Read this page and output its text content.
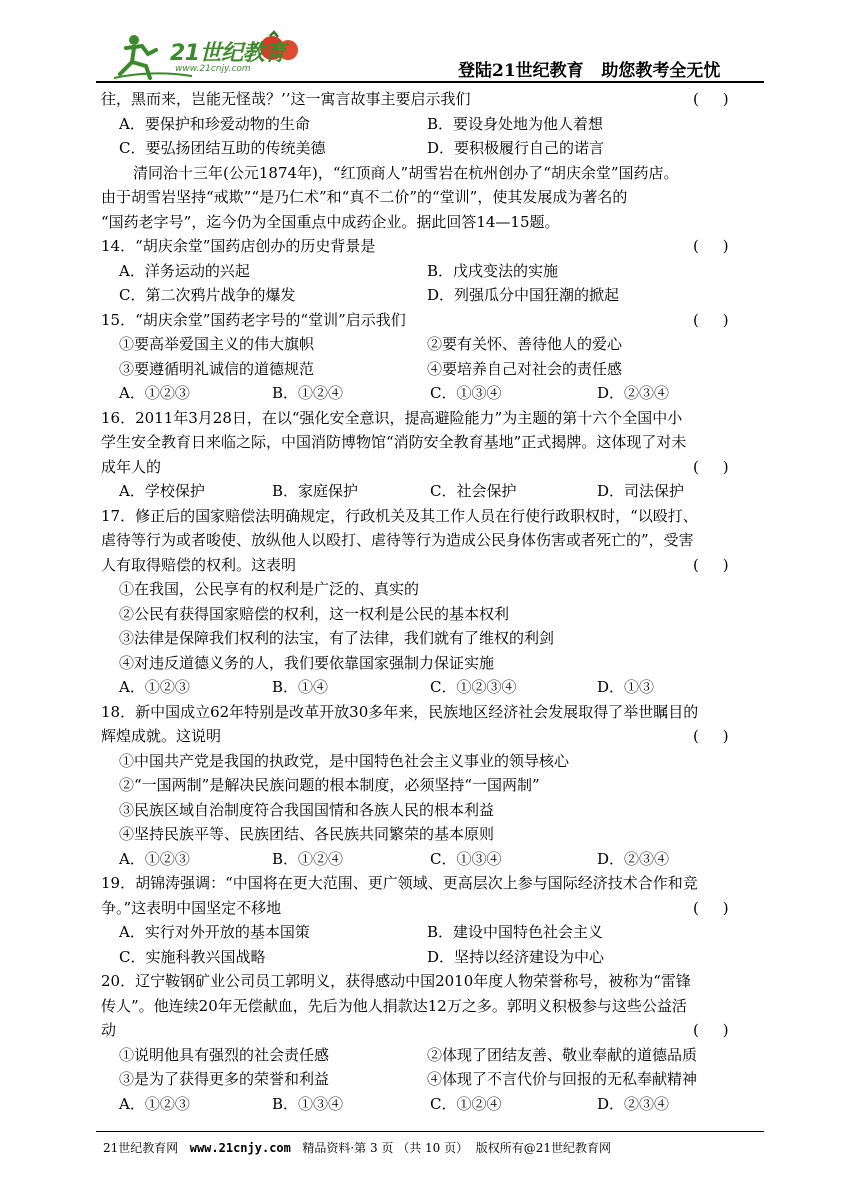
21世纪教育
www.21cnjy.com	登陆21世纪教育   助您教考全无忧
往，黑而来，岂能无怪哉？’’这一寓言故事主要启示我们	(     )
A．要保护和珍爱动物的生命	B．要设身处地为他人着想
C．要弘扬团结互助的传统美德	D．要积极履行自己的诺言
清同治十三年(公元1874年)，“红顶商人”胡雪岩在杭州创办了“胡庆余堂”国药店。
由于胡雪岩坚持“戒欺”“是乃仁术”和“真不二价”的“堂训”，使其发展成为著名的
“国药老字号”，迄今仍为全国重点中成药企业。据此回答14—15题。
14．“胡庆余堂”国药店创办的历史背景是	(     )
A．洋务运动的兴起	B．戊戌变法的实施
C．第二次鸦片战争的爆发	D．列强瓜分中国狂潮的掀起
15．“胡庆余堂”国药老字号的“堂训”启示我们	(     )
①要高举爱国主义的伟大旗帜	②要有关怀、善待他人的爱心
③要遵循明礼诚信的道德规范	④要培养自己对社会的责任感
A．①②③	B．①②④	C．①③④	D．②③④
16．2011年3月28日，在以“强化安全意识，提高避险能力”为主题的第十六个全国中小
学生安全教育日来临之际，中国消防博物馆“消防安全教育基地”正式揭牌。这体现了对未
成年人的	(     )
A．学校保护	B．家庭保护	C．社会保护	D．司法保护
17．修正后的国家赔偿法明确规定，行政机关及其工作人员在行使行政职权时，“以殴打、
虐待等行为或者唆使、放纵他人以殴打、虐待等行为造成公民身体伤害或者死亡的”，受害
人有取得赔偿的权利。这表明	(     )
①在我国，公民享有的权利是广泛的、真实的
②公民有获得国家赔偿的权利，这一权利是公民的基本权利
③法律是保障我们权利的法宝，有了法律，我们就有了维权的利剑
④对违反道德义务的人，我们要依靠国家强制力保证实施
A．①②③	B．①④	C．①②③④	D．①③
18．新中国成立62年特别是改革开放30多年来，民族地区经济社会发展取得了举世瞩目的
辉煌成就。这说明	(     )
①中国共产党是我国的执政党，是中国特色社会主义事业的领导核心
②“一国两制”是解决民族问题的根本制度，必须坚持“一国两制”
③民族区域自治制度符合我国国情和各族人民的根本利益
④坚持民族平等、民族团结、各民族共同繁荣的基本原则
A．①②③	B．①②④	C．①③④	D．②③④
19．胡锦涛强调：“中国将在更大范围、更广领域、更高层次上参与国际经济技术合作和竞
争。”这表明中国坚定不移地	(     )
A．实行对外开放的基本国策	B．建设中国特色社会主义
C．实施科教兴国战略	D．坚持以经济建设为中心
20．辽宁鞍钢矿业公司员工郭明义，获得感动中国2010年度人物荣誉称号，被称为“雷锋
传人”。他连续20年无偿献血，先后为他人捐款达12万之多。郭明义积极参与这些公益活
动	(     )
①说明他具有强烈的社会责任感	②体现了团结友善、敬业奉献的道德品质
③是为了获得更多的荣誉和利益	④体现了不言代价与回报的无私奉献精神
A．①②③	B．①③④	C．①②④	D．②③④
21世纪教育网 www.21cnjy.com 精品资料·第 3 页 （共 10 页） 版权所有@21世纪教育网
